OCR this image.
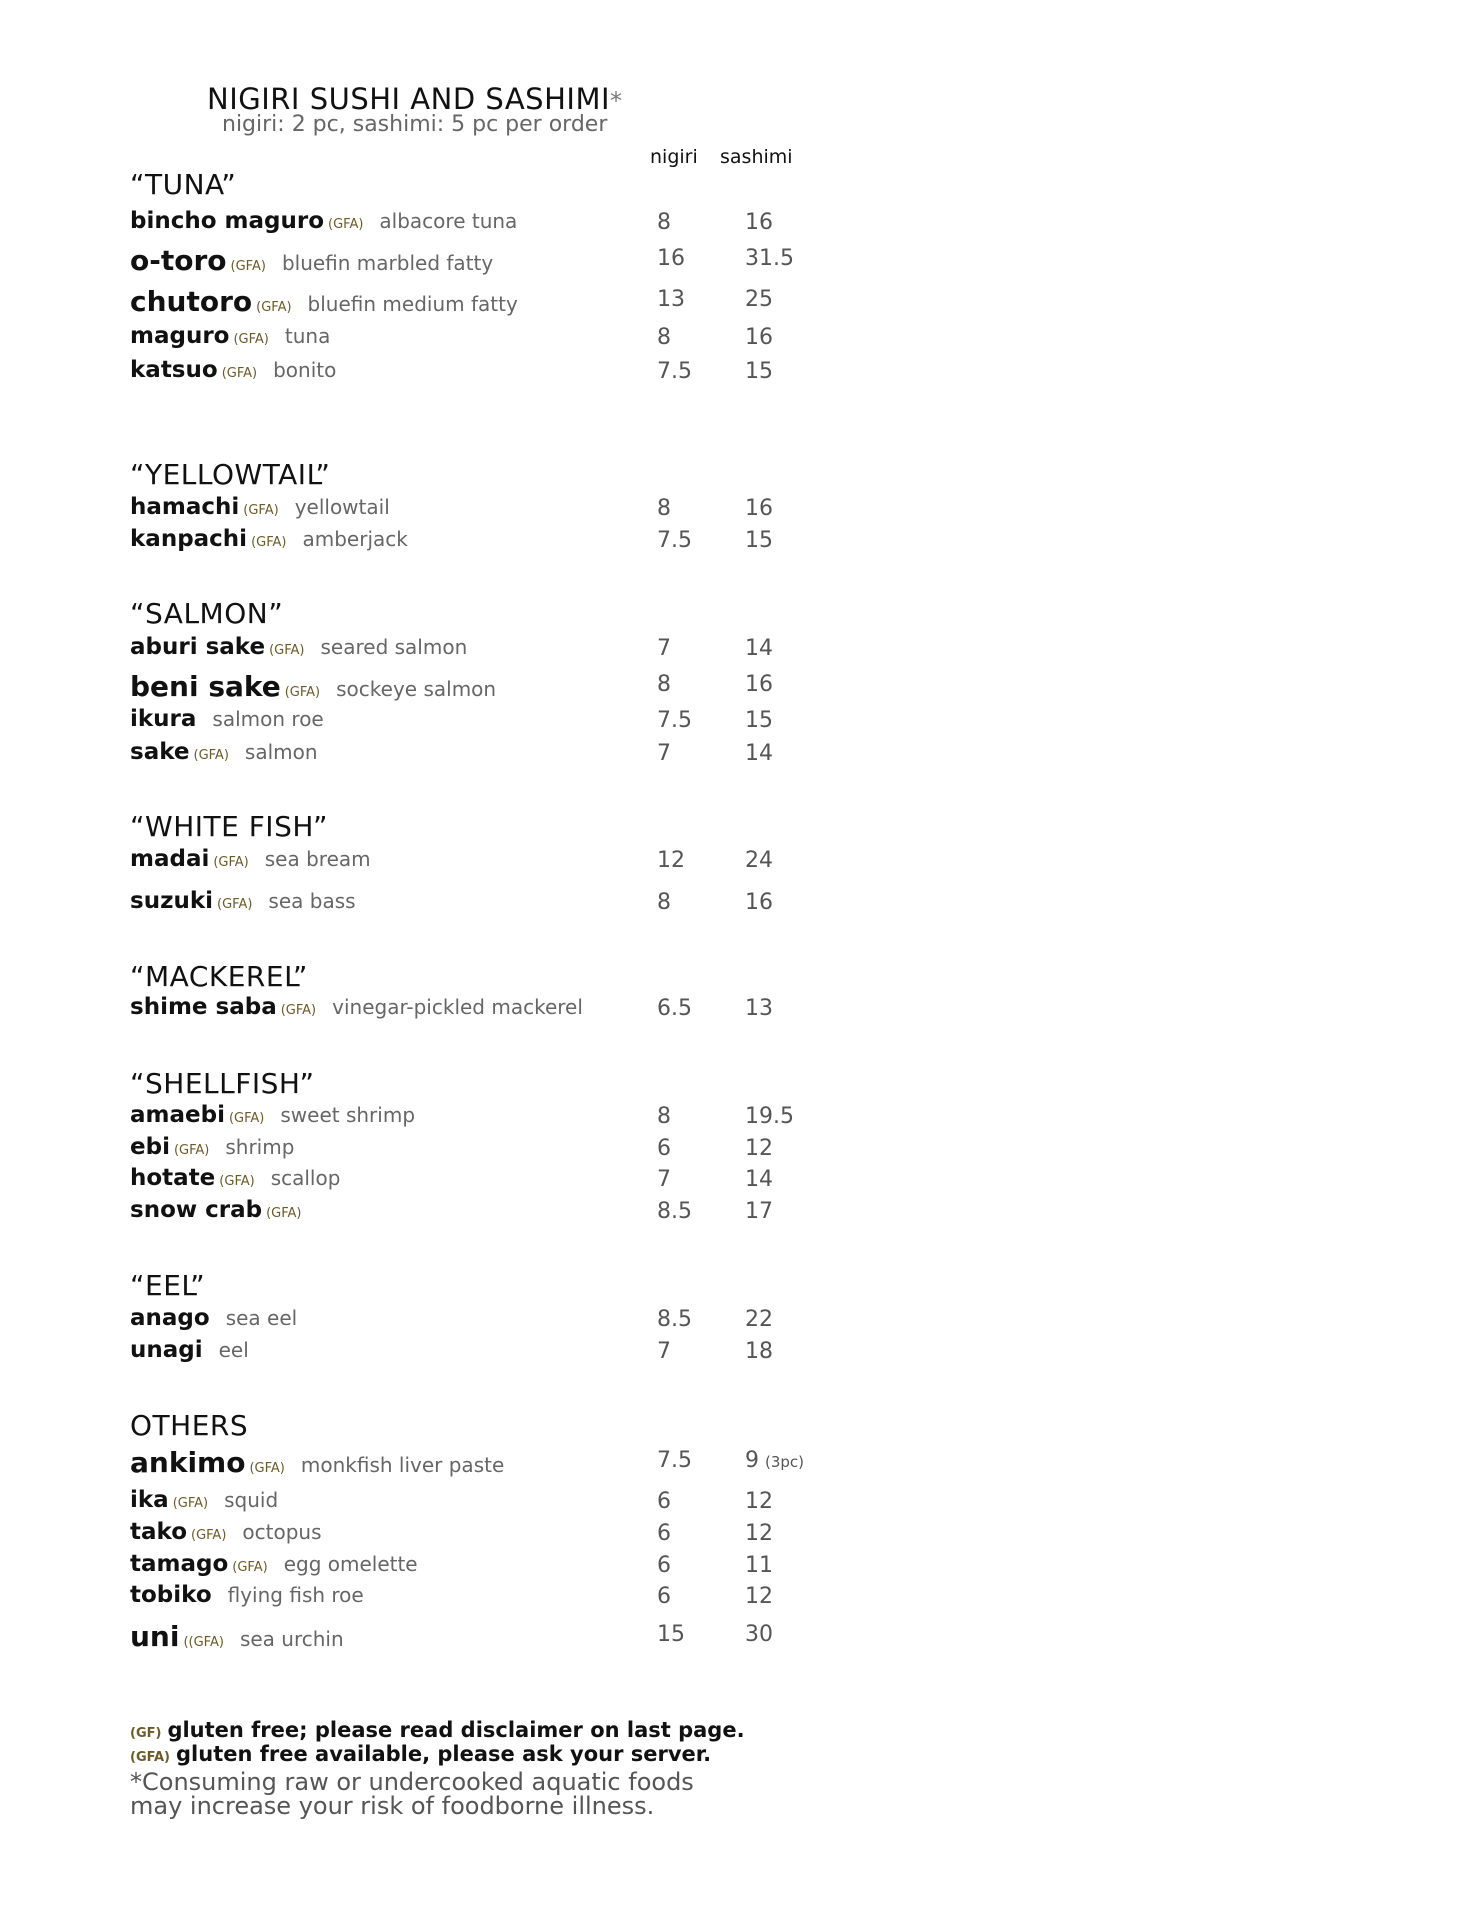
NIGIRI SUSHI AND SASHIMI*
nigiri: 2 pc, sashimi: 5 pc per order
nigiri sashimi
“TUNA”
bincho maguro (GFA) albacore tuna	8	16
o-toro (GFA) bluefin marbled fatty	16	31.5
chutoro (GFA) bluefin medium fatty	13	25
maguro (GFA) tuna	8	16
katsuo (GFA) bonito	7.5 15
“YELLOWTAIL”
hamachi (GFA) yellowtail	8	16
kanpachi (GFA) amberjack	7.5 15
“SALMON”
aburi sake (GFA) seared salmon	7	14
beni sake (GFA) sockeye salmon	8	16
ikura salmon roe	7.5 15
sake (GFA) salmon	7	14
“WHITE FISH”
madai (GFA) sea bream	12	24
suzuki (GFA) sea bass	8	16
“MACKEREL”
shime saba (GFA) vinegar-pickled mackerel	6.5 13
“SHELLFISH”
amaebi (GFA) sweet shrimp	8	19.5
ebi (GFA) shrimp	6	12
hotate (GFA) scallop	7	14
snow crab (GFA)	8.5 17
“EEL”
anago sea eel	8.5 22
unagi eel	7	18
OTHERS
ankimo (GFA) monkfish liver paste	7.5 9 (3pc)
ika (GFA) squid	6	12
tako (GFA) octopus	6	12
tamago (GFA) egg omelette	6	11
tobiko flying fish roe	6	12
uni ((GFA) sea urchin	15	30
(GF) gluten free; please read disclaimer on last page.
(GFA) gluten free available, please ask your server.
*Consuming raw or undercooked aquatic foods
may increase your risk of foodborne illness.
